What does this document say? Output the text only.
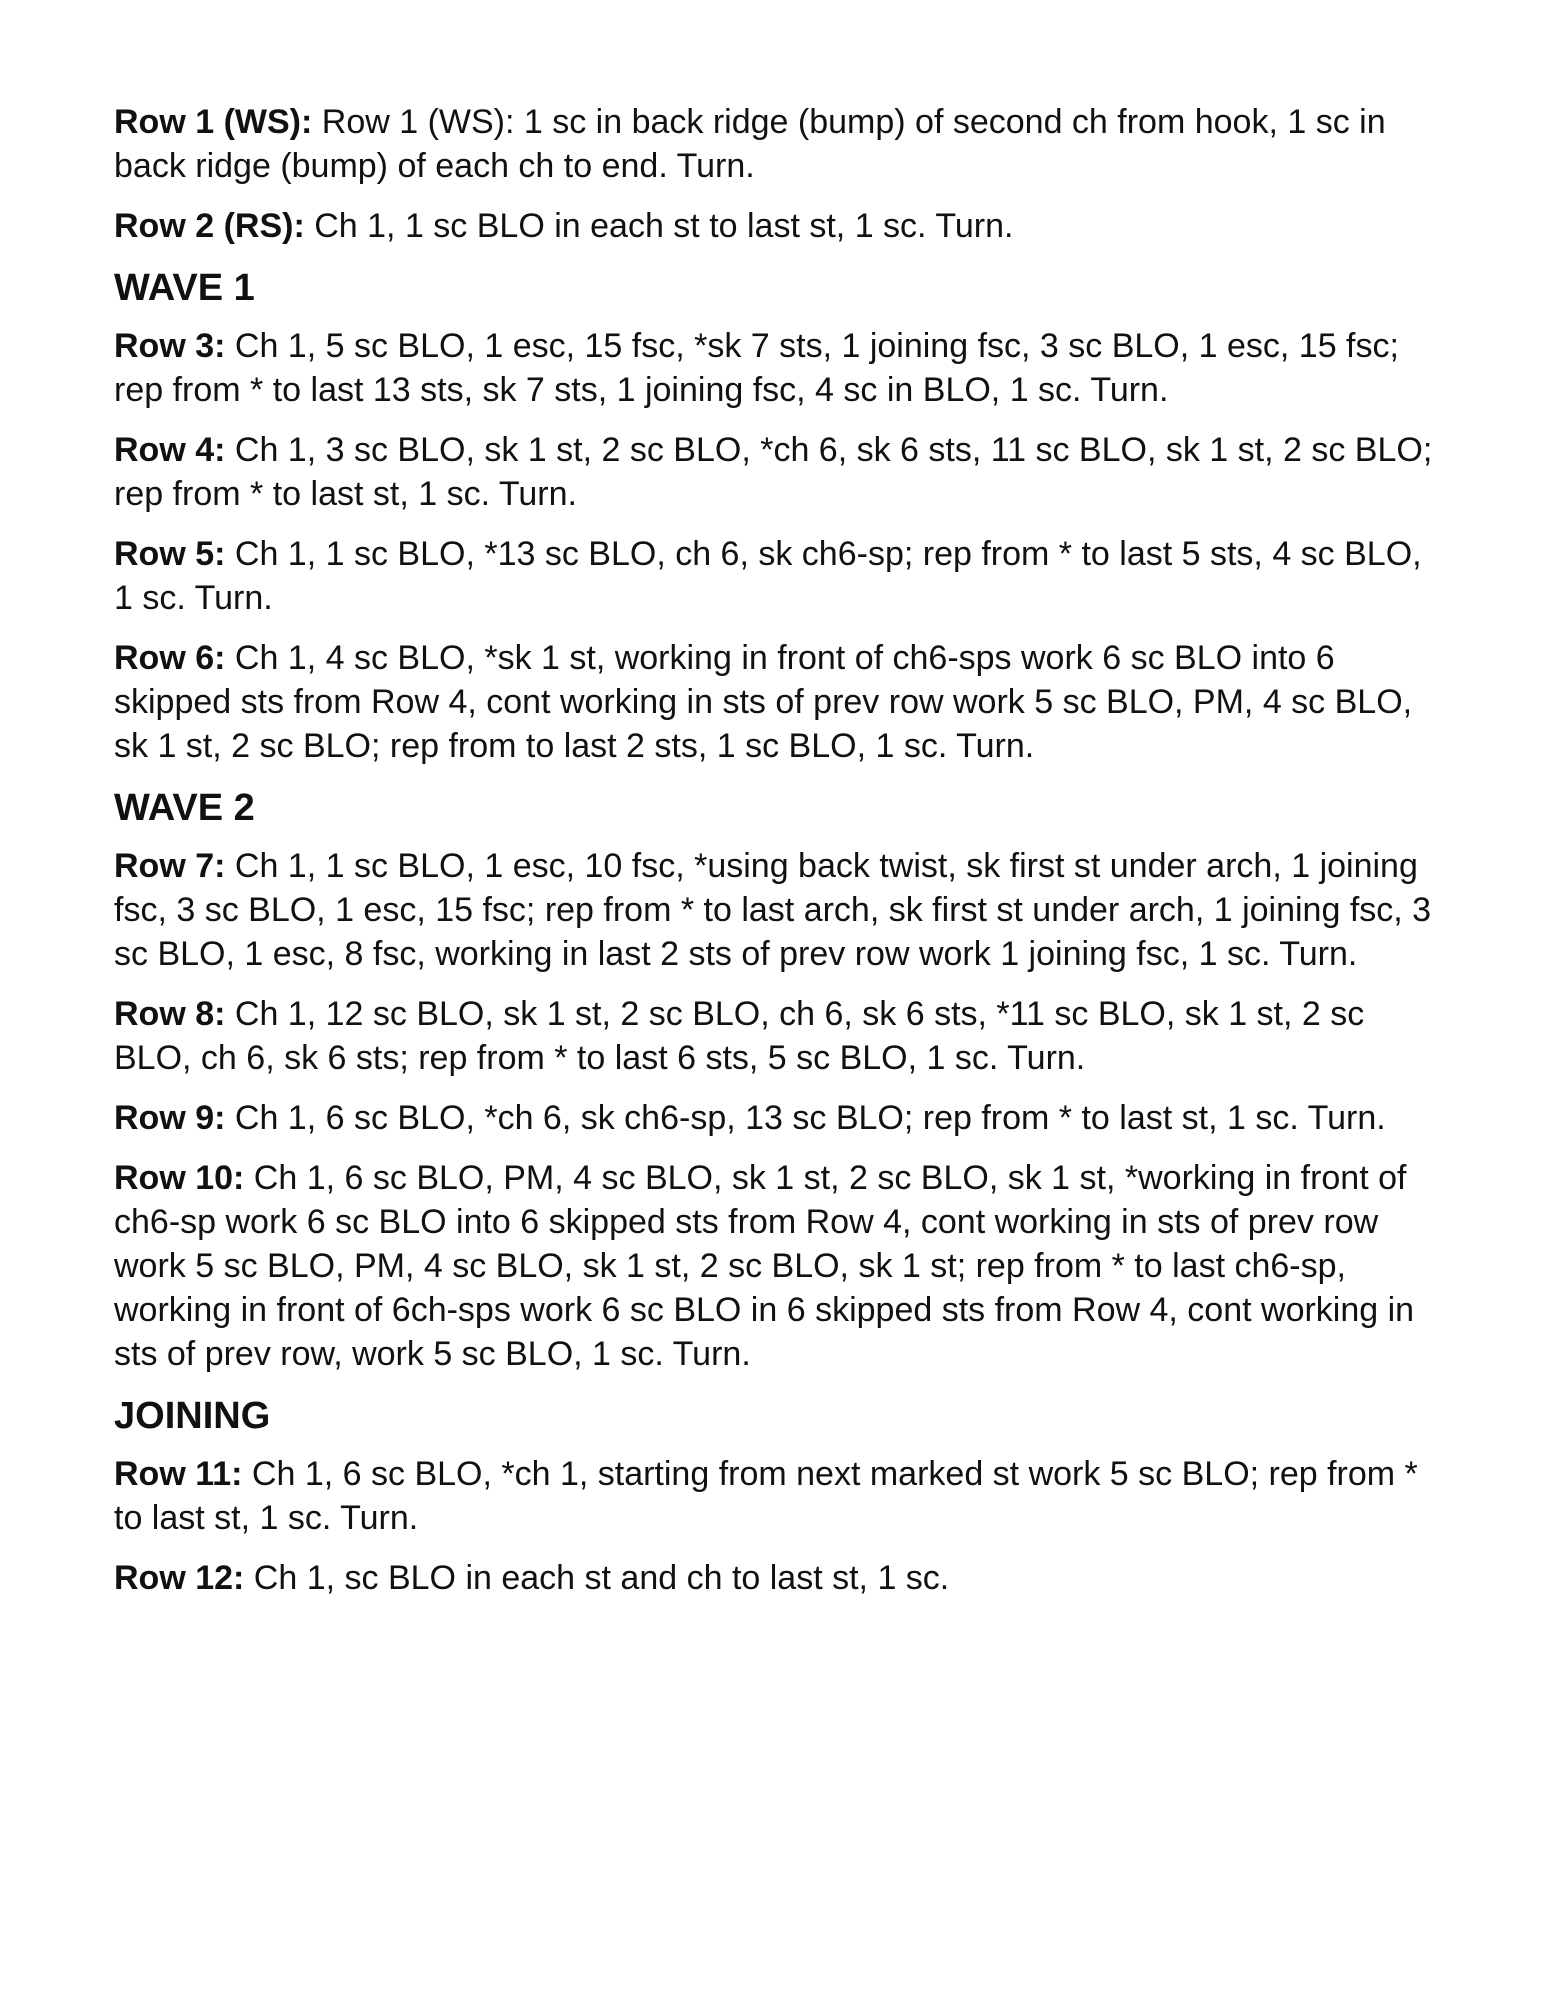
Row 1 (WS): Row 1 (WS): 1 sc in back ridge (bump) of second ch from hook, 1 sc in back ridge (bump) of each ch to end. Turn.

Row 2 (RS): Ch 1, 1 sc BLO in each st to last st, 1 sc. Turn.

WAVE 1

Row 3: Ch 1, 5 sc BLO, 1 esc, 15 fsc, *sk 7 sts, 1 joining fsc, 3 sc BLO, 1 esc, 15 fsc; rep from * to last 13 sts, sk 7 sts, 1 joining fsc, 4 sc in BLO, 1 sc. Turn.

Row 4: Ch 1, 3 sc BLO, sk 1 st, 2 sc BLO, *ch 6, sk 6 sts, 11 sc BLO, sk 1 st, 2 sc BLO; rep from * to last st, 1 sc. Turn.

Row 5: Ch 1, 1 sc BLO, *13 sc BLO, ch 6, sk ch6-sp; rep from * to last 5 sts, 4 sc BLO, 1 sc. Turn.

Row 6: Ch 1, 4 sc BLO, *sk 1 st, working in front of ch6-sps work 6 sc BLO into 6 skipped sts from Row 4, cont working in sts of prev row work 5 sc BLO, PM, 4 sc BLO, sk 1 st, 2 sc BLO; rep from to last 2 sts, 1 sc BLO, 1 sc. Turn.

WAVE 2

Row 7: Ch 1, 1 sc BLO, 1 esc, 10 fsc, *using back twist, sk first st under arch, 1 joining fsc, 3 sc BLO, 1 esc, 15 fsc; rep from * to last arch, sk first st under arch, 1 joining fsc, 3 sc BLO, 1 esc, 8 fsc, working in last 2 sts of prev row work 1 joining fsc, 1 sc. Turn.

Row 8: Ch 1, 12 sc BLO, sk 1 st, 2 sc BLO, ch 6, sk 6 sts, *11 sc BLO, sk 1 st, 2 sc BLO, ch 6, sk 6 sts; rep from * to last 6 sts, 5 sc BLO, 1 sc. Turn.

Row 9: Ch 1, 6 sc BLO, *ch 6, sk ch6-sp, 13 sc BLO; rep from * to last st, 1 sc. Turn.

Row 10: Ch 1, 6 sc BLO, PM, 4 sc BLO, sk 1 st, 2 sc BLO, sk 1 st, *working in front of ch6-sp work 6 sc BLO into 6 skipped sts from Row 4, cont working in sts of prev row work 5 sc BLO, PM, 4 sc BLO, sk 1 st, 2 sc BLO, sk 1 st; rep from * to last ch6-sp, working in front of 6ch-sps work 6 sc BLO in 6 skipped sts from Row 4, cont working in sts of prev row, work 5 sc BLO, 1 sc. Turn.

JOINING

Row 11: Ch 1, 6 sc BLO, *ch 1, starting from next marked st work 5 sc BLO; rep from * to last st, 1 sc. Turn.

Row 12: Ch 1, sc BLO in each st and ch to last st, 1 sc.
